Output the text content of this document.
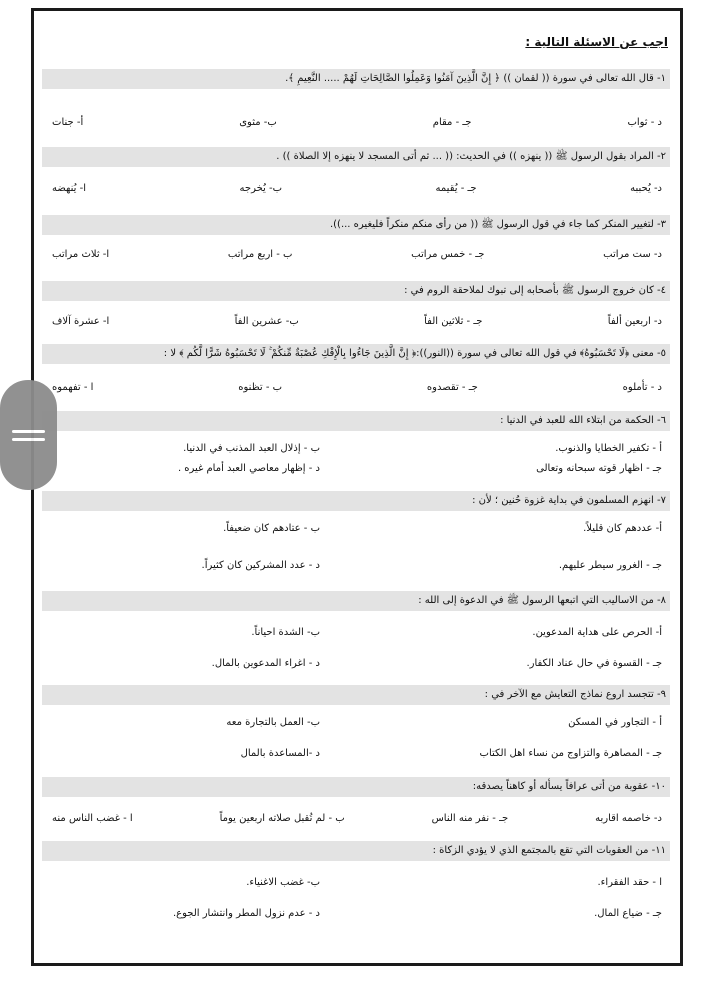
اجب عن الاسئلة التالية :
١- قال الله تعالى في سورة (( لقمان )) ﴿ إِنَّ الَّذِينَ آمَنُوا وَعَمِلُوا الصَّالِحَاتِ لَهُمْ ..... النَّعِيمِ ﴾.
أ- جنات	ب- مثوى	جـ - مقام	د - ثواب
٢- المراد بقول الرسول ﷺ (( ينهزه )) في الحديث: (( ... ثم أتى المسجد لا ينهزه إلا الصلاة )) .
ا- يُنهضه	ب- يُخرجه	جـ - يُقيمه	د- يُحببه
٣- لتغيير المنكر كما جاء في قول الرسول ﷺ (( من رأى منكم منكراً فليغيره ...)).
ا- ثلاث مراتب	ب - اربع مراتب	جـ - خمس مراتب	د- ست مراتب
٤- كان خروج الرسول ﷺ بأصحابه إلى تبوك لملاحقة الروم في :
ا- عشرة آلاف	ب- عشرين الفاً	جـ - ثلاثين الفاً	د- اربعين ألفاً
٥- معنى ﴿لَا تَحْسَبُوهُ﴾ في قول الله تعالى في سورة ((النور)):﴿ إِنَّ الَّذِينَ جَاءُوا بِالْإِفْكِ عُصْبَةٌ مِّنكُمْ ۚ لَا تَحْسَبُوهُ شَرًّا لَّكُم ﴾ لا :
ا - تفهموه	ب - تظنوه	جـ - تقصدوه	د - تأملوه
٦- الحكمة من ابتلاء الله للعبد في الدنيا :
أ - تكفير الخطايا والذنوب.
ب - إذلال العبد المذنب في الدنيا.
جـ - اظهار قوته سبحانه وتعالى
د - إظهار معاصي العبد أمام غيره .
٧- انهزم المسلمون في بداية غزوة حُنين ؛ لأن :
أ- عددهم كان قليلاً.
ب - عتادهم كان ضعيفاً.
جـ - الغرور سيطر عليهم.
د - عدد المشركين كان كثيراً.
٨- من الاساليب التي اتبعها الرسول ﷺ في الدعوة إلى الله :
أ- الحرص على هداية المدعوين.
ب- الشدة احياناً.
جـ - القسوة في حال عناد الكفار.
د - اغراء المدعوين بالمال.
٩- تتجسد اروع نماذج التعايش مع الآخر في :
أ - التجاور في المسكن
ب- العمل بالتجارة معه
جـ - المصاهرة والتزاوج من نساء اهل الكتاب
د -المساعدة بالمال
١٠- عقوبة من أتى عرافاً يسأله أو كاهناً يصدقه:
ا - غضب الناس منه	ب - لم تُقبل صلاته اربعين يوماً	جـ - نفر منه الناس	د- خاصمه اقاربه
١١- من العقوبات التي تقع بالمجتمع الذي لا يؤدي الزكاة :
ا - حقد الفقراء.
ب- غضب الاغنياء.
جـ - ضياع المال.
د - عدم نزول المطر وانتشار الجوع.
